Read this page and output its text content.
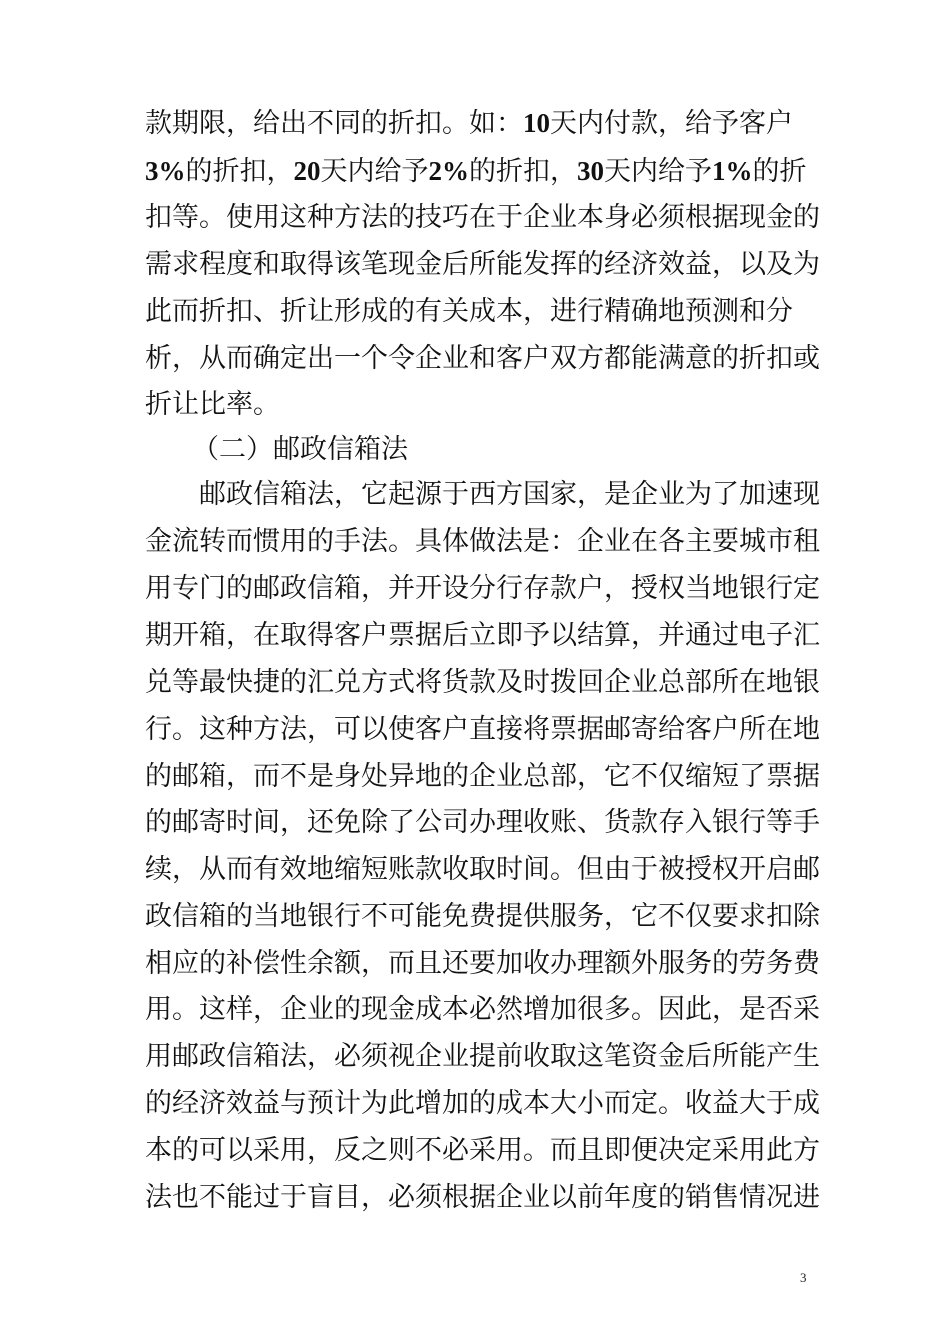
款期限，给出不同的折扣。如：10天内付款，给予客户
3%的折扣，20天内给予2%的折扣，30天内给予1%的折
扣等。使用这种方法的技巧在于企业本身必须根据现金的
需求程度和取得该笔现金后所能发挥的经济效益，以及为
此而折扣、折让形成的有关成本，进行精确地预测和分
析，从而确定出一个令企业和客户双方都能满意的折扣或
折让比率。
（二）邮政信箱法
邮政信箱法，它起源于西方国家，是企业为了加速现
金流转而惯用的手法。具体做法是：企业在各主要城市租
用专门的邮政信箱，并开设分行存款户，授权当地银行定
期开箱，在取得客户票据后立即予以结算，并通过电子汇
兑等最快捷的汇兑方式将货款及时拨回企业总部所在地银
行。这种方法，可以使客户直接将票据邮寄给客户所在地
的邮箱，而不是身处异地的企业总部，它不仅缩短了票据
的邮寄时间，还免除了公司办理收账、货款存入银行等手
续，从而有效地缩短账款收取时间。但由于被授权开启邮
政信箱的当地银行不可能免费提供服务，它不仅要求扣除
相应的补偿性余额，而且还要加收办理额外服务的劳务费
用。这样，企业的现金成本必然增加很多。因此，是否采
用邮政信箱法，必须视企业提前收取这笔资金后所能产生
的经济效益与预计为此增加的成本大小而定。收益大于成
本的可以采用，反之则不必采用。而且即便决定采用此方
法也不能过于盲目，必须根据企业以前年度的销售情况进
3
